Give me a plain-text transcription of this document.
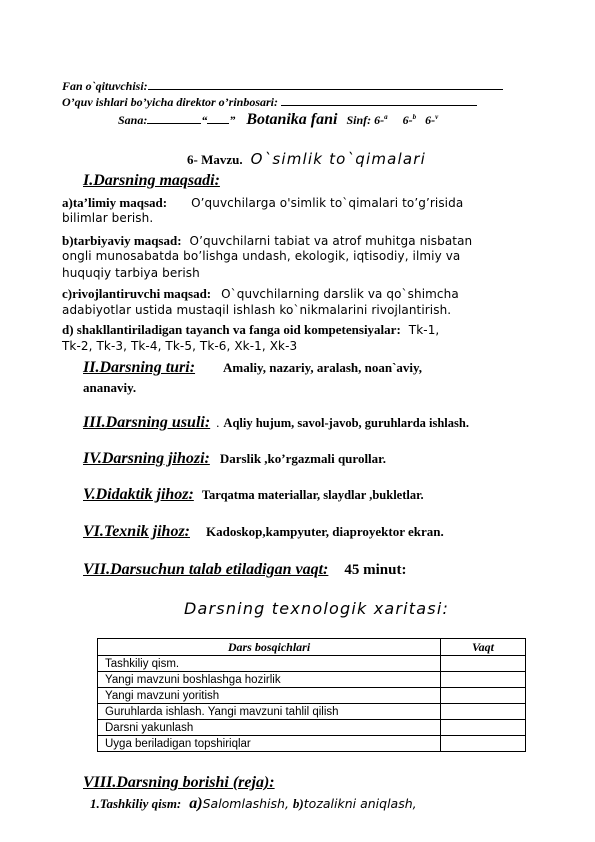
Fan o`qituvchisi:
O’quv ishlari bo’yicha direktor o’rinbosari:
Sana:	“ ” Botanika fani Sinf: 6-$^a$ 6-$^b$ 6-$^v$
6- Mavzu. O`simlik to`qimalari
I.Darsning maqsadi:
a)ta’limiy maqsad: O’quvchilarga o'simlik to`qimalari to’g’risida
bilimlar berish.
b)tarbiyaviy maqsad: O’quvchilarni tabiat va atrof muhitga nisbatan
ongli munosabatda bo’lishga undash, ekologik, iqtisodiy, ilmiy va
huquqiy tarbiya berish
c)rivojlantiruvchi maqsad: O`quvchilarning darslik va qo`shimcha
adabiyotlar ustida mustaqil ishlash ko`nikmalarini rivojlantirish.
d) shakllantiriladigan tayanch va fanga oid kompetensiyalar: Tk-1,
Tk-2, Tk-3, Tk-4, Tk-5, Tk-6, Xk-1, Xk-3
II.Darsning turi: Amaliy, nazariy, aralash, noan`aviy,
ananaviy.
III.Darsning usuli: . Aqliy hujum, savol-javob, guruhlarda ishlash.
IV.Darsning jihozi: Darslik ,ko’rgazmali qurollar.
V.Didaktik jihoz: Tarqatma materiallar, slaydlar ,bukletlar.
VI.Texnik jihoz: Kadoskop,kampyuter, diaproyektor ekran.
VII.Darsuchun talab etiladigan vaqt: 45 minut:
Darsning texnologik xaritasi:
Dars bosqichlari	Vaqt
Tashkiliy qism.	
Yangi mavzuni boshlashga hozirlik	
Yangi mavzuni yoritish	
Guruhlarda ishlash. Yangi mavzuni tahlil qilish	
Darsni yakunlash	
Uyga beriladigan topshiriqlar	
VIII.Darsning borishi (reja):
1.Tashkiliy qism: a)Salomlashish, b)tozalikni aniqlash,
